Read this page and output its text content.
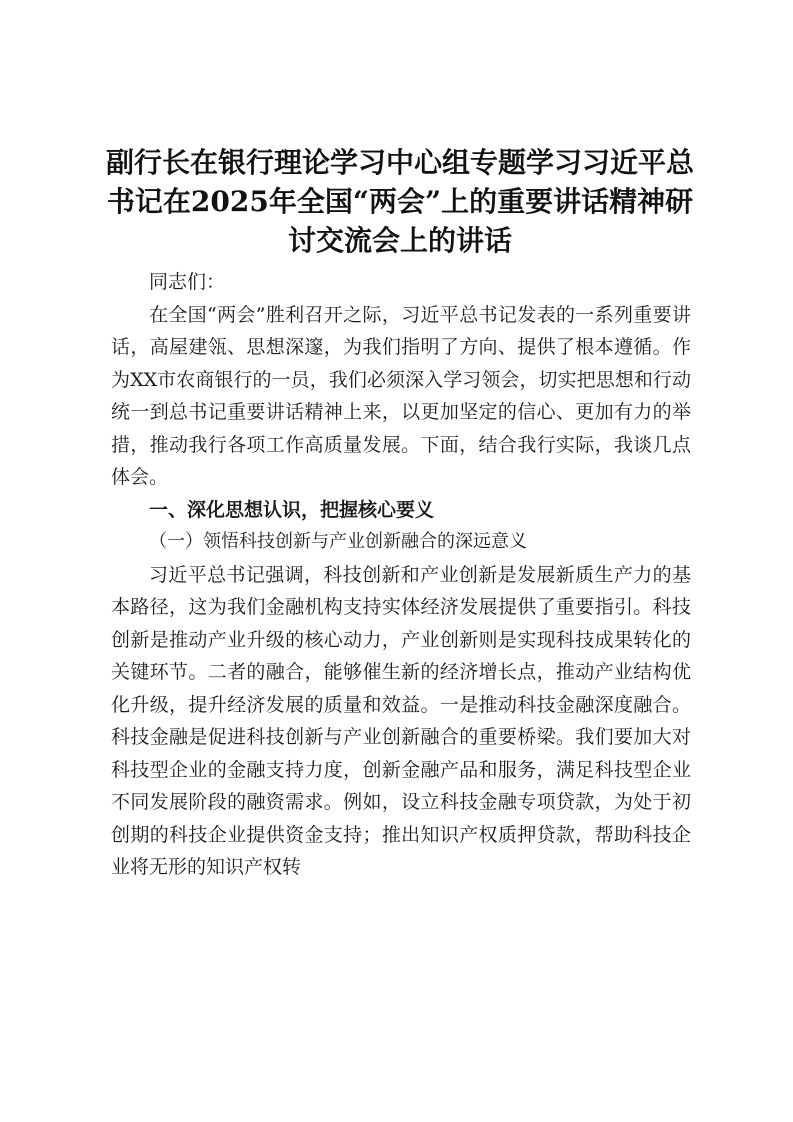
副行长在银行理论学习中心组专题学习习近平总书记在2025年全国“两会”上的重要讲话精神研讨交流会上的讲话

同志们：

在全国“两会”胜利召开之际，习近平总书记发表的一系列重要讲话，高屋建瓴、思想深邃，为我们指明了方向、提供了根本遵循。作为XX市农商银行的一员，我们必须深入学习领会，切实把思想和行动统一到总书记重要讲话精神上来，以更加坚定的信心、更加有力的举措，推动我行各项工作高质量发展。下面，结合我行实际，我谈几点体会。

一、深化思想认识，把握核心要义
（一）领悟科技创新与产业创新融合的深远意义

习近平总书记强调，科技创新和产业创新是发展新质生产力的基本路径，这为我们金融机构支持实体经济发展提供了重要指引。科技创新是推动产业升级的核心动力，产业创新则是实现科技成果转化的关键环节。二者的融合，能够催生新的经济增长点，推动产业结构优化升级，提升经济发展的质量和效益。一是推动科技金融深度融合。科技金融是促进科技创新与产业创新融合的重要桥梁。我们要加大对科技型企业的金融支持力度，创新金融产品和服务，满足科技型企业不同发展阶段的融资需求。例如，设立科技金融专项贷款，为处于初创期的科技企业提供资金支持；推出知识产权质押贷款，帮助科技企业将无形的知识产权转
